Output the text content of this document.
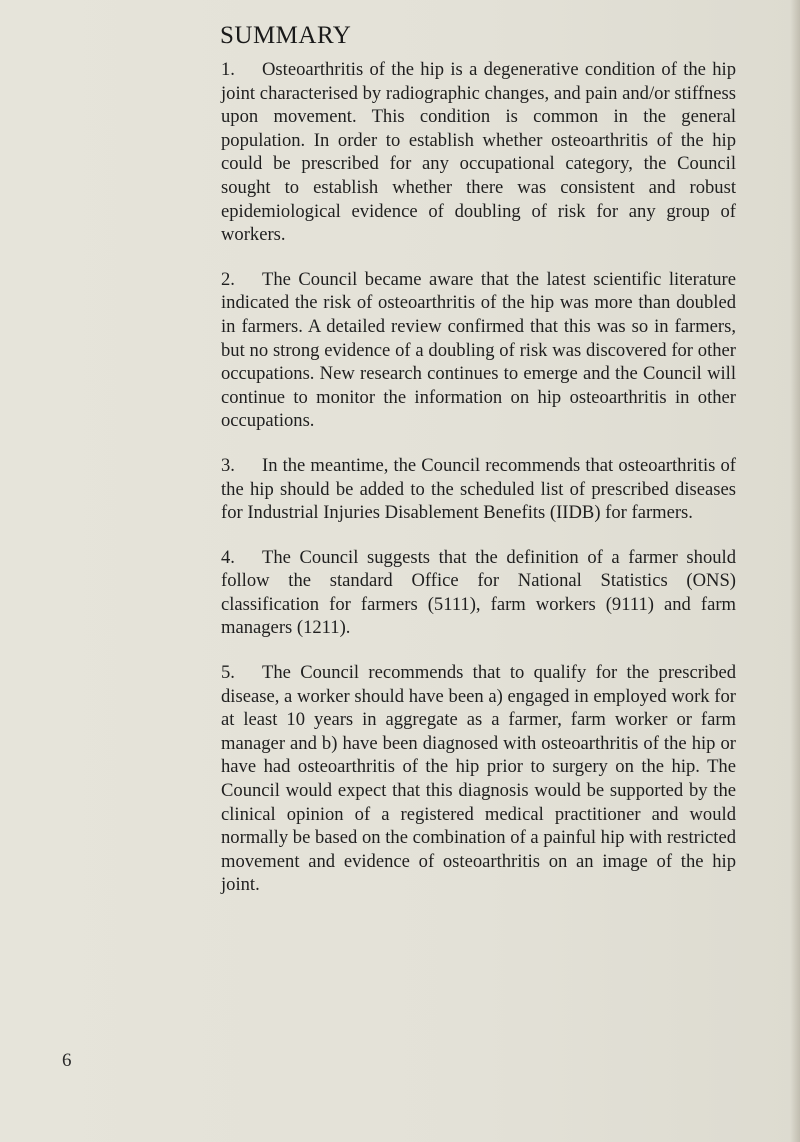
SUMMARY

1. Osteoarthritis of the hip is a degenerative condition of the hip joint characterised by radiographic changes, and pain and/or stiffness upon movement. This condition is common in the general population. In order to establish whether osteoarthritis of the hip could be prescribed for any occupational category, the Council sought to establish whether there was consistent and robust epidemiological evidence of doubling of risk for any group of workers.

2. The Council became aware that the latest scientific literature indicated the risk of osteoarthritis of the hip was more than doubled in farmers. A detailed review confirmed that this was so in farmers, but no strong evidence of a doubling of risk was discovered for other occupations. New research continues to emerge and the Council will continue to monitor the information on hip osteoarthritis in other occupations.

3. In the meantime, the Council recommends that osteoarthritis of the hip should be added to the scheduled list of prescribed diseases for Industrial Injuries Disablement Benefits (IIDB) for farmers.

4. The Council suggests that the definition of a farmer should follow the standard Office for National Statistics (ONS) classification for farmers (5111), farm workers (9111) and farm managers (1211).

5. The Council recommends that to qualify for the prescribed disease, a worker should have been a) engaged in employed work for at least 10 years in aggregate as a farmer, farm worker or farm manager and b) have been diagnosed with osteoarthritis of the hip or have had osteoarthritis of the hip prior to surgery on the hip. The Council would expect that this diagnosis would be supported by the clinical opinion of a registered medical practitioner and would normally be based on the combination of a painful hip with restricted movement and evidence of osteoarthritis on an image of the hip joint.

6
